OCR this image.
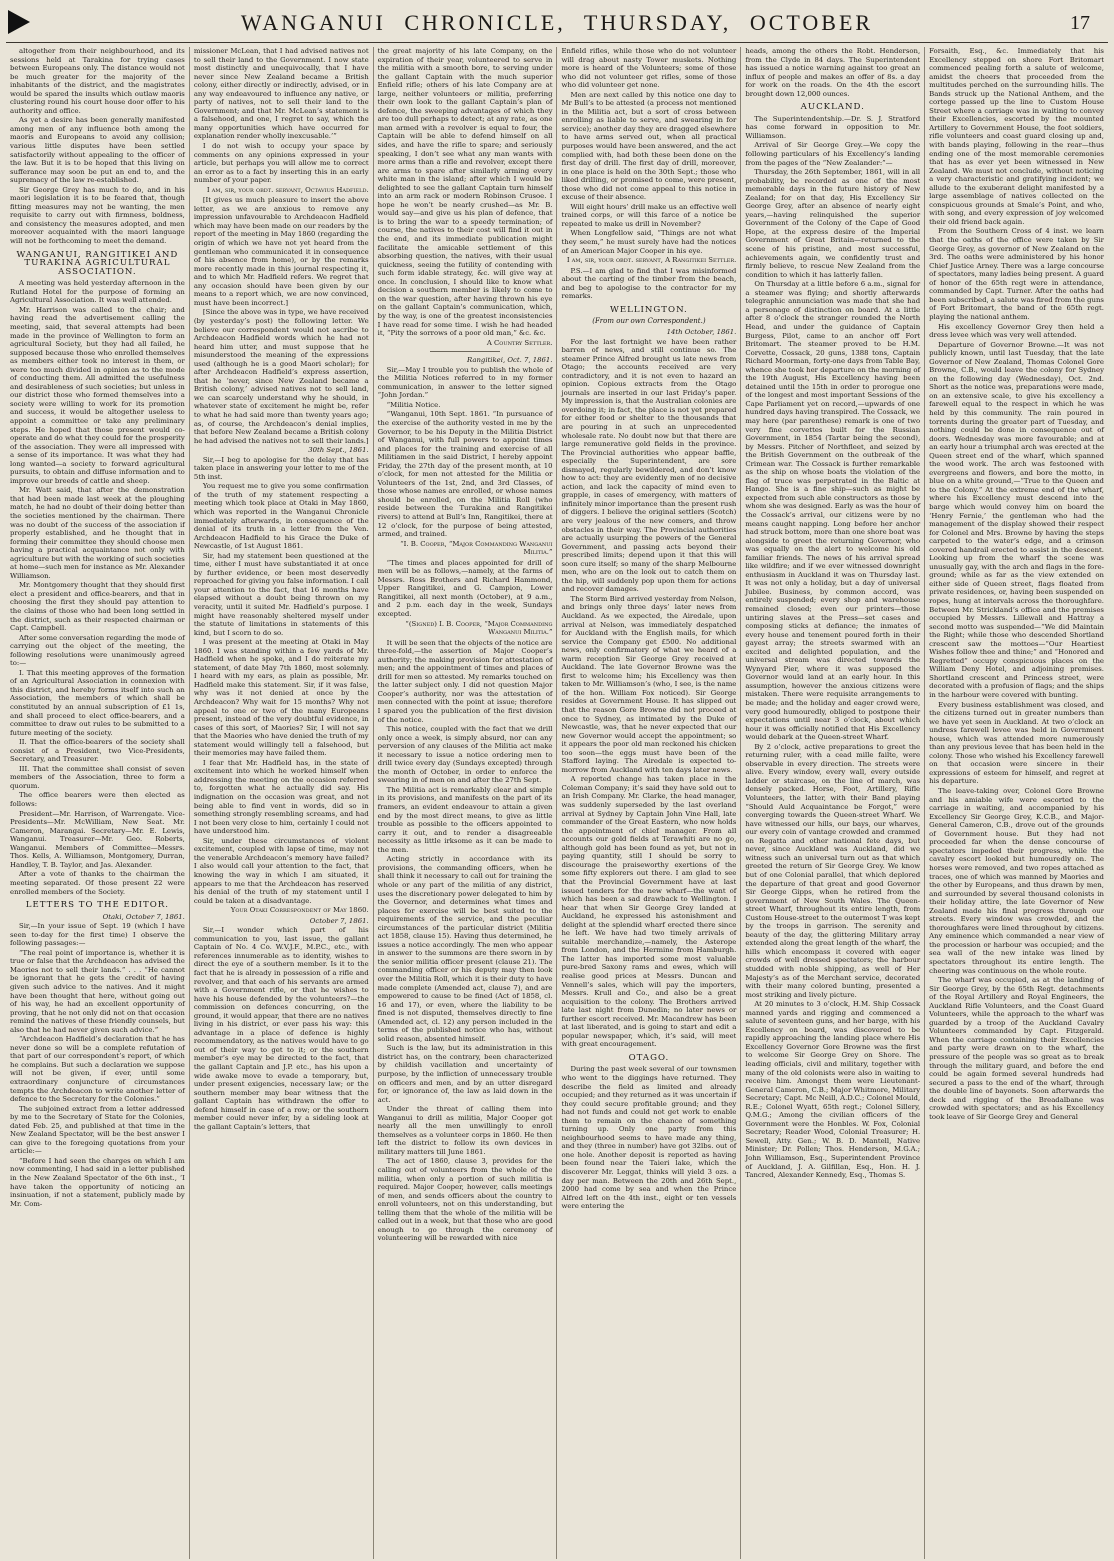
WANGANUI CHRONICLE, THURSDAY, OCTOBER	17

altogether from their neighbourhood, and its sessions held at Tarakina for trying cases between Europeans only. The distance would not be much greater for the majority of the inhabitants of the district, and the magistrates would be spared the insults which outlaw maoris clustering round his court house door offer to his authority and office.

As yet a desire has been generally manifested among men of any influence both among the maoris and Europeans to avoid any collision; various little disputes have been settled satisfactorily without appealing to the officer of the law. But it is to be hoped that this living on sufferance may soon be put an end to, and the supremacy of the law re-established.

Sir George Grey has much to do, and in his maori legislation it is to be feared that, though fitting measures may not be wanting, the men requisite to carry out with firmness, boldness, and consistency the measures adopted, and men moreover acquainted with the maori language will not be forthcoming to meet the demand.

WANGANUI, RANGITIKEI AND TURAKINA AGRICULTURAL ASSOCIATION.

A meeting was held yesterday afternoon in the Rutland Hotel for the purpose of forming an Agricultural Association. It was well attended.

Mr. Harrison was called to the chair; and having read the advertisement calling the meeting, said, that several attempts had been made in the province of Wellington to form an agricultural Society, but they had all failed, he supposed because those who enrolled themselves as members either took no interest in them, or were too much divided in opinion as to the mode of conducting them. All admitted the usefulness and desirableness of such societies; but unless in our district those who formed themselves into a society were willing to work for its promotion and success, it would be altogether useless to appoint a committee or take any preliminary steps. He hoped that those present would co-operate and do what they could for the prosperity of the association. They were all impressed with a sense of its importance. It was what they had long wanted—a society to forward agricultural pursuits, to obtain and diffuse information and to improve our breeds of cattle and sheep.

Mr. Watt said, that after the demonstration that had been made last week at the ploughing match, he had no doubt of their doing better than the societies mentioned by the chairman. There was no doubt of the success of the association if properly established, and he thought that in forming their committee they should choose men having a practical acquaintance not only with agriculture but with the working of such societies at home—such men for instance as Mr. Alexander Williamson.

Mr. Montgomery thought that they should first elect a president and office-bearers, and that in choosing the first they should pay attention to the claims of those who had been long settled in the district, such as their respected chairman or Capt. Campbell.

After some conversation regarding the mode of carrying out the object of the meeting, the following resolutions were unanimously agreed to:—

I. That this meeting approves of the formation of an Agricultural Association in connexion with this district, and hereby forms itself into such an Association, the members of which shall be constituted by an annual subscription of £1 1s, and shall proceed to elect office-bearers, and a committee to draw out rules to be submitted to a future meeting of the society.

II. That the office-bearers of the society shall consist of a President, two Vice-Presidents, Secretary, and Treasurer.

III. That the committee shall consist of seven members of the Association, three to form a quorum.

The office bearers were then elected as follows:

President—Mr. Harrison, of Warrengate. Vice-Presidents—Mr. McWilliam, New Seat. Mr. Cameron, Marangai. Secretary—Mr. E. Lewis, Wanganui. Treasurer—Mr. Geo. Roberts, Wanganui. Members of Committee—Messrs. Thos. Kells, A. Williamson, Montgomery, Durran, Handley, T. B. Taylor, and Jas. Alexander.

After a vote of thanks to the chairman the meeting separated. Of those present 22 were enrolled members of the Society.

LETTERS TO THE EDITOR.
Otaki, October 7, 1861.

Sir,—In your issue of Sept. 19 (which I have seen to-day for the first time) I observe the following passages:—

“The real point of importance is, whether it is true or false that the Archdeacon has advised the Maories not to sell their lands.” . . . “He cannot be ignorant that he gets the credit of having given such advice to the natives. And it might have been thought that here, without going out of his way, he had an excellent opportunity of proving, that he not only did not on that occasion remind the natives of these friendly counsels, but also that he had never given such advice.”

“Archdeacon Hadfield’s declaration that he has never done so will be a complete refutation of that part of our correspondent’s report, of which he complains. But such a declaration we suppose will not be given, if ever, until some extraordinary conjuncture of circumstances tempts the Archdeacon to write another letter of defence to the Secretary for the Colonies.”

The subjoined extract from a letter addressed by me to the Secretary of State for the Colonies, dated Feb. 25, and published at that time in the New Zealand Spectator, will be the best answer I can give to the foregoing quotations from your article:—

“Before I had seen the charges on which I am now commenting, I had said in a letter published in the New Zealand Spectator of the 6th inst., ‘I have taken the opportunity of noticing an insinuation, if not a statement, publicly made by Mr. Com-

missioner McLean, that I had advised natives not to sell their land to the Government. I now state most distinctly and unequivocally, that I have never since New Zealand became a British colony, either directly or indirectly, advised, or in any way endeavoured to influence any native, or party of natives, not to sell their land to the Government; and that Mr. McLean’s statement is a falsehood, and one, I regret to say, which the many opportunities which have occurred for explanation render wholly inexcusable.’”

I do not wish to occupy your space by comments on any opinions expressed in your article, but perhaps you will allow me to correct an error as to a fact by inserting this in an early number of your paper.

I am, sir, your obdt. servant, Octavius Hadfield.

[It gives us much pleasure to insert the above letter, as we are anxious to remove any impression unfavourable to Archdeacon Hadfield which may have been made on our readers by the report of the meeting in May 1860 (regarding the origin of which we have not yet heard from the gentleman who communicated it in consequence of his absence from home), or by the remarks more recently made in this journal respecting it, and to which Mr. Hadfield refers. We regret that any occasion should have been given by our means to a report which, we are now convinced, must have been incorrect.]

[Since the above was in type, we have received (by yesterday’s post) the following letter. We believe our correspondent would not ascribe to Archdeacon Hadfield words which he had not heard him utter, and must suppose that he misunderstood the meaning of the expressions used (although he is a good Maori scholar); for after Archdeacon Hadfield’s express assertion, that he ‘never, since New Zealand became a British colony,’ advised natives not to sell land, we can scarcely understand why he should, in whatever state of excitement he might be, refer to what he had said more than twenty years ago; as, of course, the Archdeacon’s denial implies, that before New Zealand became a British colony he had advised the natives not to sell their lands.]

30th Sept., 1861.

Sir,—I beg to apologise for the delay that has taken place in answering your letter to me of the 5th inst.

You request me to give you some confirmation of the truth of my statement respecting a meeting which took place at Otaki in May 1860, which was reported in the Wanganui Chronicle immediately afterwards, in consequence of the denial of its truth in a letter from the Ven. Archdeacon Hadfield to his Grace the Duke of Newcastle, of 1st August 1861.

Sir, had my statement been questioned at the time, either I must have substantiated it at once by further evidence, or been most deservedly reproached for giving you false information. I call your attention to the fact, that 16 months have elapsed without a doubt being thrown on my veracity, until it suited Mr. Hadfield’s purpose. I might have reasonably sheltered myself under the statute of limitations in statements of this kind, but I scorn to do so.

I was present at the meeting at Otaki in May 1860. I was standing within a few yards of Mr. Hadfield when he spoke, and I do reiterate my statement, of date May 7th 1860, most solemnly. I heard with my ears, as plain as possible, Mr. Hadfield make this statement. Sir, if it was false, why was it not denied at once by the Archdeacon? Why wait for 15 months? Why not appeal to one or two of the many Europeans present, instead of the very doubtful evidence, in cases of this sort, of Maories? Sir, I will not say that the Maories who have denied the truth of my statement would willingly tell a falsehood, but their memories may have failed them.

I fear that Mr. Hadfield has, in the state of excitement into which he worked himself when addressing the meeting on the occasion referred to, forgotten what he actually did say. His indignation on the occasion was great, and not being able to find vent in words, did so in something strongly resembling screams, and had I not been very close to him, certainly I could not have understood him.

Sir, under these circumstances of violent excitement, coupled with lapse of time, may not the venerable Archdeacon’s memory have failed? I also would call your attention to the fact, that knowing the way in which I am situated, it appears to me that the Archdeacon has reserved his denial of the truth of my statement until I could be taken at a disadvantage.

Your Otaki Correspondent of May 1860.
October 7, 1861.

Sir,—I wonder which part of his communication to you, last issue, the gallant Captain of No. 4 Co. W.V.J.F., M.P.C., etc., with references innumerable as to identity, wishes to direct the eye of a southern member. Is it to the fact that he is already in possession of a rifle and revolver, and that each of his servants are armed with a Government rifle, or that he wishes to have his house defended by the volunteers?—the commission on defences concurring, on the ground, it would appear, that there are no natives living in his district, or ever pass his way: this advantage in a place of defence is highly recommendatory, as the natives would have to go out of their way to get to it; or the southern member’s eye may be directed to the fact, that the gallant Captain and J.P. etc., has his upon a wide awake move to evade a temporary, but, under present exigencies, necessary law; or the southern member may bear witness that the gallant Captain has withdrawn the offer to defend himself in case of a row; or the southern member could never infer, by a sideling look at the gallant Captain’s letters, that

the great majority of his late Company, on the expiration of their year, volunteered to serve in the militia with a smooth bore, to serving under the gallant Captain with the much superior Enfield rifle; others of his late Company are at large, neither volunteers or militia, preferring their own look to the gallant Captain’s plan of defence, the sweeping advantages of which they are too dull perhaps to detect; at any rate, as one man armed with a revolver is equal to four, the Captain will be able to defend himself on all sides, and have the rifle to spare; and seriously speaking, I don’t see what any man wants with more arms than a rifle and revolver, except there are arms to spare after similarly arming every white man in the island; after which I would be delighted to see the gallant Captain turn himself into an arm rack or modern Robinson Crusoe. I hope he won’t be nearly crushed—as Mr. B. would say—and give us his plan of defence, that is to bring the war to a speedy termination; of course, the natives to their cost will find it out in the end, and its immediate publication might facilitate the amicable settlement of this absorbing question, the natives, with their usual quickness, seeing the futility of contending with such form idable strategy, &c. will give way at once. In conclusion, I should like to know what decision a southern member is likely to come to on the war question, after having thrown his eye on the gallant Captain’s communication, which, by the way, is one of the greatest inconsistencies I have read for some time. I wish he had headed it, “Pity the sorrows of a poor old man,” &c. &c.

A Country Settler.
Rangitikei, Oct. 7, 1861.

Sir,—May I trouble you to publish the whole of the Militia Notices referred to in my former communication, in answer to the letter signed “John Jordan.”

“Militia Notice.

“Wanganui, 10th Sept. 1861. “In pursuance of the exercise of the authority vested in me by the Governor, to be his Deputy in the Militia District of Wanganui, with full powers to appoint times and places for the training and exercise of all Militiamen in the said District, I hereby appoint Friday, the 27th day of the present month, at 10 o’clock, for men not attested for the Militia or Volunteers of the 1st, 2nd, and 3rd Classes, of those whose names are enrolled, or whose names should be enrolled, on the Militia Roll (who reside between the Turakina and Rangitikei rivers) to attend at Bull’s Inn, Rangitikei, there at 12 o’clock, for the purpose of being attested, armed, and trained.

“I. B. Cooper, “Major Commanding Wanganui Militia.”

“The times and places appointed for drill of men will be as follows,—namely, at the farms of Messrs. Ross Brothers and Richard Hammond, Upper Rangitikei, and G. Campion, Lower Rangitikei, all next month (October), at 9 a.m., and 2 p.m. each day in the week, Sundays excepted.

“(Signed) I. B. Cooper, “Major Commanding Wanganui Militia.”

It will be seen that the objects of the notice are three-fold,—the assertion of Major Cooper’s authority; the making provision for attestation of men; and the appointment of times and places of drill for men so attested. My remarks touched on the latter subject only. I did not question Major Cooper’s authority, nor was the attestation of men connected with the point at issue; therefore I spared you the publication of the first division of the notice.

This notice, coupled with the fact that we drill only once a week, is simply absurd, nor can any perversion of any clauses of the Militia act make it necessary to issue a notice ordering men to drill twice every day (Sundays excepted) through the month of October, in order to enforce the swearing in of men on and after the 27th Sept.

The Militia act is remarkably clear and simple in its provisions, and manifests on the part of its framers, an evident endeavour to attain a given end by the most direct means, to give as little trouble as possible to the officers appointed to carry it out, and to render a disagreeable necessity as little irksome as it can be made to the men.

Acting strictly in accordance with its provisions, the commanding officers, when he shall think it necessary to call out for training the whole or any part of the militia of any district, uses the discretionary power delegated to him by the Governor, and determines what times and places for exercise will be best suited to the requirements of the service, and the peculiar circumstances of the particular district (Militia act 1858, clause 15). Having thus determined, he issues a notice accordingly. The men who appear in answer to the summons are there sworn in by the senior militia officer present (clause 21). The commanding officer or his deputy may then look over the Militia Roll, which it is their duty to have made complete (Amended act, clause 7), and are empowered to cause to be fined (Act of 1858, cl. 16 and 17), or even, where the liability to be fined is not disputed, themselves directly to fine (Amended act, cl. 12) any person included in the terms of the published notice who has, without solid reason, absented himself.

Such is the law, but its administration in this district has, on the contrary, been characterized by childish vacillation and uncertainty of purpose, by the infliction of unnecessary trouble on officers and men, and by an utter disregard for, or ignorance of, the law as laid down in the act.

Under the threat of calling them into Wanganui to drill as militia, Major Cooper got nearly all the men unwillingly to enroll themselves as a volunteer corps in 1860. He then left the district to follow its own devices in military matters till June 1861.

The act of 1860, clause 3, provides for the calling out of volunteers from the whole of the militia, when only a portion of such militia is required. Major Cooper, however, calls meetings of men, and sends officers about the country to enroll volunteers, not on this understanding, but telling them that the whole of the militia will be called out in a week, but that those who are good enough to go through the ceremony of volunteering will be rewarded with nice

Enfield rifles, while those who do not volunteer will drag about nasty Tower muskets. Nothing more is heard of the Volunteers; some of those who did not volunteer get rifles, some of those who did volunteer get none.

Men are next called by this notice one day to Mr Bull’s to be attested (a process not mentioned in the Militia act, but a sort of cross between enrolling as liable to serve, and swearing in for service); another day they are dragged elsewhere to have arms served out, when all practical purposes would have been answered, and the act complied with, had both these been done on the first day of drill. The first day of drill, moreover, in one place is held on the 30th Sept.; those who liked drilling, or promised to come, were present, those who did not come appeal to this notice in excuse of their absence.

Will eight hours’ drill make us an effective well trained corps, or will this farce of a notice be repeated to make us drill in November?

When Longfellow said, “Things are not what they seem,” he must surely have had the notices of an American Major Cooper in his eye.

I am, sir, your obdt. servant, A Rangitikei Settler.

P.S.—I am glad to find that I was misinformed about the carting of the timber from the beach, and beg to apologise to the contractor for my remarks.

WELLINGTON.
(From our own Correspondent.)
14th October, 1861.

For the last fortnight we have been rather barren of news, and still continue so. The steamer Prince Alfred brought us late news from Otago; the accounts received are very contradictory, and it is not even to hazard an opinion. Copious extracts from the Otago journals are inserted in our last Friday’s paper. My impression is, that the Australian colonies are overdoing it; in fact, the place is not yet prepared for either food or shelter to the thousands that are pouring in at such an unprecedented wholesale rate. No doubt now but that there are large remunerative gold fields in the province. The Provincial authorities who appear baffle, especially the Superintendent, are sore dismayed, regularly bewildered, and don’t know how to act: they are evidently men of no decisive action, and lack the capacity of mind even to grapple, in cases of emergency, with matters of infinitely minor importance than the present rush of diggers. I believe the original settlers (Scotch) are very jealous of the new comers, and throw obstacles in their way. The Provincial authorities are actually usurping the powers of the General Government, and passing acts beyond their prescribed limits; depend upon it that this will soon cure itself; so many of the sharp Melbourne men, who are on the look out to catch them on the hip, will suddenly pop upon them for actions and recover damages.

The Storm Bird arrived yesterday from Nelson, and brings only three days’ later news from Auckland. As we expected, the Airedale, upon arrival at Nelson, was immediately despatched for Auckland with the English mails, for which service the Company get £500. No additional news, only confirmatory of what we heard of a warm reception Sir George Grey received at Auckland. The late Governor Browne was the first to welcome him; his Excellency was then taken to Mr. Williamson’s (who, I see, is the name of the hon. William Fox noticed). Sir George resides at Government House. It has slipped out that the reason Gore Browne did not proceed at once to Sydney, as intimated by the Duke of Newcastle, was, that he never expected that our new Governor would accept the appointment; so it appears the poor old man reckoned his chicken too soon—the eggs must have been of the Stafford laying. The Airedale is expected to-morrow from Auckland with ten days later news.

A reported change has taken place in the Coleman Company; it’s said they have sold out to an Irish Company. Mr. Clarke, the head manager, was suddenly superseded by the last overland arrival at Sydney by Captain John Vine Hall, late commander of the Great Eastern, who now holds the appointment of chief manager. From all accounts our gold fields at Terawhiti are no go, although gold has been found as yet, but not in paying quantity, still I should be sorry to discourage the praiseworthy exertions of the some fifty explorers out there. I am glad to see that the Provincial Government have at last issued tenders for the new wharf—the want of which has been a sad drawback to Wellington. I hear that when Sir George Grey landed at Auckland, he expressed his astonishment and delight at the splendid wharf erected there since he left. We have had two timely arrivals of suitable merchandize,—namely, the Asterope from London, and the Hermine from Hamburgh. The latter has imported some most valuable pure-bred Saxony rams and ewes, which will realise good prices at Messrs. Duncan and Vennell’s sales, which will pay the importers, Messrs. Krull and Co., and also be a great acquisition to the colony. The Brothers arrived late last night from Dunedin; no later news or further escort received. Mr. Macandrew has been at last liberated, and is going to start and edit a popular newspaper, which, it’s said, will meet with great encouragement.

OTAGO.

During the past week several of our townsmen who went to the diggings have returned. They describe the field as limited and already occupied; and they returned as it was uncertain if they could secure profitable ground; and they had not funds and could not get work to enable them to remain on the chance of something turning up. Only one party from this neighbourhood seems to have made any thing, and they (three in number) have got 32lbs. out of one hole. Another deposit is reported as having been found near the Taieri lake, which the discoverer Mr. Leggat, thinks will yield 3 ozs. a day per man. Between the 20th and 26th Sept., 2000 had come by sea and when the Prince Alfred left on the 4th inst., eight or ten vessels were entering the

heads, among the others the Robt. Henderson, from the Clyde in 84 days. The Superintendent has issued a notice warning against too great an influx of people and makes an offer of 8s. a day for work on the roads. On the 4th the escort brought down 12,000 ounces.

AUCKLAND.

The Superintendentship.—Dr. S. J. Stratford has come forward in opposition to Mr. Williamson.

Arrival of Sir George Grey.—We copy the following particulars of his Excellency’s landing from the pages of the “New Zealander:”—

Thursday, the 26th September, 1861, will in all probability, be recorded as one of the most memorable days in the future history of New Zealand; for on that day, His Excellency Sir George Grey, after an absence of nearly eight years,—having relinquished the superior Government of the Colony of the Cape of Good Hope, at the express desire of the Imperial Government of Great Britain—returned to the scene of his pristine, and most successful, achievements again, we confidently trust and firmly believe, to rescue New Zealand from the condition to which it has latterly fallen.

On Thursday at a little before 6 a.m., signal for a steamer was flying; and shortly afterwards telegraphic annunciation was made that she had a personage of distinction on board. At a little after 8 o’clock the stranger rounded the North Head, and under the guidance of Captain Burgess, Pilot, came to an anchor off Fort Britomart. The steamer proved to be H.M. Corvette, Cossack, 20 guns, 1388 tons, Captain Richard Moorman, forty-one days from Table Bay, whence she took her departure on the morning of the 19th August, His Excellency having been detained until the 15th in order to prorogue one of the longest and most important Sessions of the Cape Parliament yet on record,—upwards of one hundred days having transpired. The Cossack, we may here (par parenthese) remark is one of two very fine corvettes built for the Russian Government, in 1854 (Tartar being the second), by Messrs. Pitcher of Northfleet, and seized by the British Government on the outbreak of the Crimean war. The Cossack is further remarkable as the ship on whose boats the violation of the flag of truce was perpetrated in the Baltic at Hango. She is a fine ship—such as might be expected from such able constructors as those by whom she was designed. Early as was the hour of the Cossack’s arrival, our citizens were by no means caught napping. Long before her anchor had struck bottom, more than one shore boat was alongside to greet the returning Governor, who was equally on the alert to welcome his old familiar friends. The news of his arrival spread like wildfire; and if we ever witnessed downright enthusiasm in Auckland it was on Thursday last. It was not only a holiday, but a day of universal Jubilee. Business, by common accord, was entirely suspended; every shop and warehouse remained closed; even our printers—those untiring slaves at the Press—set cases and composing sticks at defiance; the inmates of every house and tenement poured forth in their gayest array; the streets swarmed with an excited and delighted population, and the universal stream was directed towards the Wynyard Pier, where it was supposed the Governor would land at an early hour. In this assumption, however the anxious citizens were mistaken. There were requisite arrangements to be made; and the holiday and eager crowd were, very good humouredly, obliged to postpone their expectations until near 3 o’clock, about which hour it was officially notified that His Excellency would debark at the Queen-street Wharf.

By 2 o’clock, active preparations to greet the returning ruler, with a cead mille failte, were observable in every direction. The streets were alive. Every window, every wall, every outside ladder or staircase, on the line of march, was densely packed. Horse, Foot, Artillery, Rifle Volunteers, the latter, with their Band playing “Should Auld Acquaintance be Forgot,” were converging towards the Queen-street Wharf. We have witnessed our hills, our bays, our wharves, our every coin of vantage crowded and crammed on Regatta and other national fete days, but never, since Auckland was Auckland, did we witness such an universal turn out as that which greeted the return of Sir George Grey. We know but of one Colonial parallel, that which deplored the departure of that great and good Governor Sir George Gipps, when he retired from the government of New South Wales. The Queen-street Wharf, throughout its entire length, from Custom House-street to the outermost T was kept by the troops in garrison. The serenity and beauty of the day, the glittering Military array extended along the great length of the wharf, the hills which encompass it covered with eager crowds of well dressed spectators; the harbour studded with noble shipping, as well of Her Majesty’s as of the Merchant service, decorated with their many colored bunting, presented a most striking and lively picture.

At 20 minutes to 3 o’clock, H.M. Ship Cossack manned yards and rigging and commenced a salute of seventeen guns, and her barge, with his Excellency on board, was discovered to be rapidly approaching the landing place where His Excellency Governor Gore Browne was the first to welcome Sir George Grey on Shore. The leading officials, civil and military, together with many of the old colonists were also in waiting to receive him. Amongst them were Lieutenant-General Cameron, C.B.; Major Whitmore, Military Secretary; Capt. Mc Neill, A.D.C.; Colonel Mould, R.E.; Colonel Wyatt, 65th regt.; Colonel Sillery, Q.M.G.; Among the civilian officers of the Government were the Honbles. W. Fox, Colonial Secretary; Reader Wood, Colonial Treasurer; H. Sewell, Atty. Gen.; W. B. D. Mantell, Native Minister; Dr. Pollen; Thos. Henderson, M.G.A.; John Williamson, Esq., Superintendent Province of Auckland, J. A. Gilfillan, Esq., Hon. H. J. Tancred, Alexander Kennedy, Esq., Thomas S.

Forsaith, Esq., &c. Immediately that his Excellency stepped on shore Fort Britomart commenced pealing forth a salute of welcome, amidst the cheers that proceeded from the multitudes perched on the surrounding hills. The Bands struck up the National Anthem, and the cortege passed up the line to Custom House Street where a carriage was in waiting to convey their Excellencies, escorted by the mounted Artillery to Government House, the foot soldiers, rifle volunteers and coast guard closing up and, with bands playing, following in the rear—thus ending one of the most memorable ceremonies that has as ever yet been witnessed in New Zealand. We must not conclude, without noticing a very characteristic and gratifying incident; we allude to the exuberant delight manifested by a large assemblage of natives collected on the conspicuous grounds at Smale’s Point, and who, with song, and every expression of joy welcomed their old friend back again.

From the Southern Cross of 4 inst. we learn that the oaths of the office were taken by Sir George Grey, as governor of New Zealand on the 3rd. The oaths were administered by his honor Chief Justice Arney. There was a large concourse of spectators, many ladies being present. A guard of honor of the 65th regt were in attendance, commanded by Capt. Turner. After the oaths had been subscribed, a salute was fired from the guns of Fort Britomart, the band of the 65th regt. playing the national anthem.

His excellency Governor Grey then held a dress levee which was very well attended.

Departure of Governor Browne.—It was not publicly known, until last Tuesday, that the late Governor of New Zealand, Thomas Colonel Gore Browne, C.B., would leave the colony for Sydney on the following day (Wednesday), Oct. 2nd. Short as the notice was, preparations were made, on an extensive scale, to give his excellency a farewell equal to the respect in which he was held by this community. The rain poured in torrents during the greater part of Tuesday, and nothing could be done in consequence out of doors. Wednesday was more favourable; and at an early hour a triumphal arch was erected at the Queen street end of the wharf, which spanned the wood work. The arch was festooned with evergreens and flowers, and bore the motto, in blue on a white ground,—“True to the Queen and to the Colony.” At the extreme end of the wharf, where his Excellency must descend into the barge which would convey him on board the ‘Henry Fernie,’ the gentleman who had the management of the display showed their respect for Colonel and Mrs. Browne by having the steps carpeted to the water’s edge, and a crimson covered handrail erected to assist in the descent. Looking up from the wharf the scene was unusually gay, with the arch and flags in the fore-ground; while as far as the view extended on either side of Queen street, flags floated from private residences, or, having been suspended on ropes, hung at intervals across the thoroughfare. Between Mr. Strickland’s office and the premises occupied by Messrs. Lillewall and Hattray a second motto was suspended—“We did Maintain the Right; while those who descended Shortland crescent saw the mottoes—“Our Heartiest Wishes follow thee and thine;” and “Honored and Regretted” occupy conspicuous places on the William Deny Hotel, and adjoining premises. Shortland crescent and Princess street, were decorated with a profusion of flags; and the ships in the harbour were covered with bunting.

Every business establishment was closed, and the citizens turned out in greater numbers than we have yet seen in Auckland. At two o’clock an undress farewell levee was held in Government house, which was attended more numerously than any previous levee that has been held in the colony. Those who wished his Excellency farewell on that occasion were sincere in their expressions of esteem for himself, and regret at his departure.

The leave-taking over, Colonel Gore Browne and his amiable wife were escorted to the carriage in waiting, and accompanied by his Excellency Sir George Grey, K.C.B., and Major-General Cameron, C.B., drove out of the grounds of Government house. But they had not proceeded far when the dense concourse of spectators impeded their progress, while the cavalry escort looked but humouredly on. The horses were removed, and two ropes attached as traces, one of which was manned by Maories and the other by Europeans, and thus drawn by men, and surrounded by several thousand colonists in their holiday attire, the late Governor of New Zealand made his final progress through our streets. Every window was crowded, and the thoroughfares were lined throughout by citizens. Any eminence which commanded a near view of the procession or harbour was occupied; and the sea wall of the new intake was lined by spectators throughout its entire length. The cheering was continuous on the whole route.

The wharf was occupied, as at the landing of Sir George Grey, by the 65th Regt. detachments of the Royal Artillery and Royal Engineers, the Auckland Rifle Volunteers, and the Coast Guard Volunteers, while the approach to the wharf was guarded by a troop of the Auckland Cavalry Volunteers commanded by Capt. Fitzgerald. When the carriage containing their Excellencies and party were drawn on to the wharf, the pressure of the people was so great as to break through the military guard, and before the end could be again formed several hundreds had secured a pass to the end of the wharf, through the double line of bayonets. Soon afterwards the deck and rigging of the Breadalbane was crowded with spectators; and as his Excellency took leave of Sir George Grey and General
